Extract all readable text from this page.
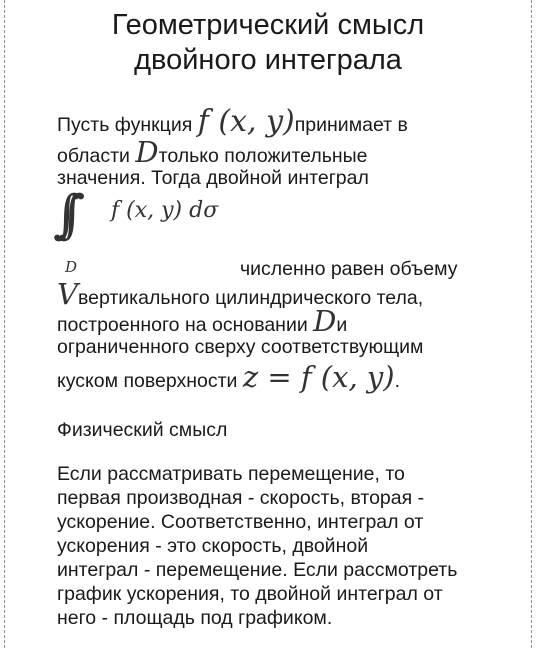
Геометрический смысл
двойного интеграла
Пусть функция f (x, y)принимает в
области Dтолько положительные
значения. Тогда двойной интеграл
∫∫
D
f (x, y) dσ
численно равен объему
Vвертикального цилиндрического тела,
построенного на основании Dи
ограниченного сверху соответствующим
куском поверхности z = f (x, y).
Физический смысл
Если рассматривать перемещение, то
первая производная - скорость, вторая -
ускорение. Соответственно, интеграл от
ускорения - это скорость, двойной
интеграл - перемещение. Если рассмотреть
график ускорения, то двойной интеграл от
него - площадь под графиком.
